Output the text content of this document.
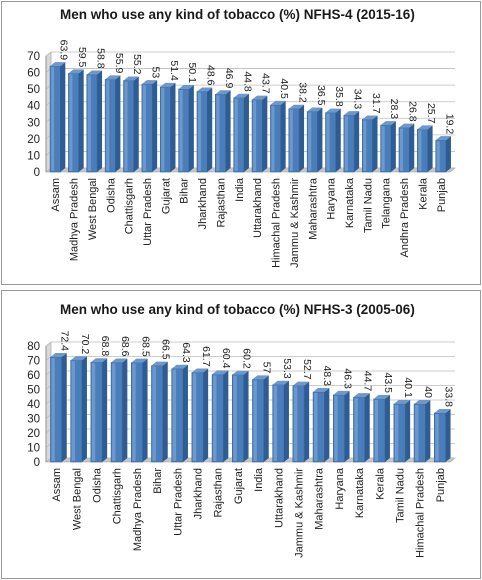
Men who use any kind of tobacco (%) NFHS-4 (2015-16)
0
10
20
30
40
50
60
70 63.9
Assam
59.5
Madhya Pradesh
58.8
West Bengal
55.9
Odisha
55.2
Chattisgarh
53
Uttar Pradesh
51.4
Gujarat
50.1
Bihar
48.6
Jharkhand
46.9
Rajasthan
44.8
India
43.7
Uttarakhand
40.5
Himachal Pradesh
38.2
Jammu & Kashmir
36.5
Maharashtra
35.8
Haryana
34.3
Karnataka
31.7
Tamil Nadu
28.3
Telangana
26.8
Andhra Pradesh
25.7
Kerala
19.2
Punjab
Men who use any kind of tobacco (%) NFHS-3 (2005-06)
0
10
20
30
40
50
60
70
80 72.4
Assam
70.2
West Bengal
68.8
Odisha
68.6
Chattisgarh
68.5
Madhya Pradesh
66.5
Bihar
64.3
Uttar Pradesh
61.7
Jharkhand
60.4
Rajasthan
60.2
Gujarat
57
India
53.3
Uttarakhand
52.7
Jammu & Kashmir
48.3
Maharashtra
46.3
Haryana
44.7
Karnataka
43.5
Kerala
40.1
Tamil Nadu
40
Himachal Pradesh
33.8
Punjab
